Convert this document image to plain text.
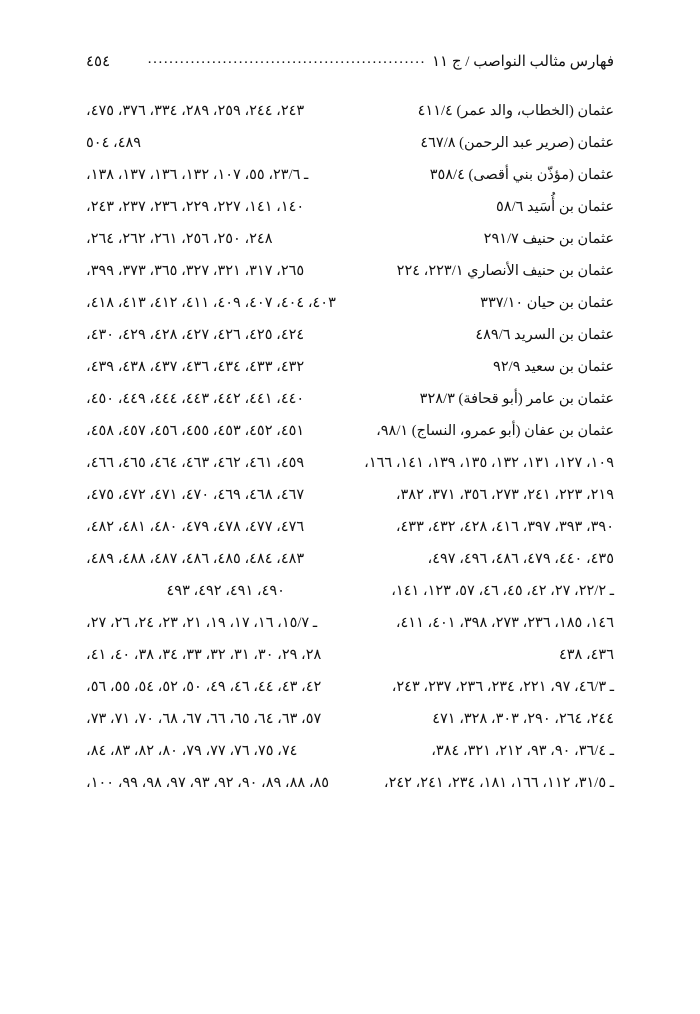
فهارس مثالب النواصب / ج ١١
....................................................
٤٥٤
عثمان (الخطاب، والد عمر) ٤١١/٤	٢٤٣، ٢٤٤، ٢٥٩، ٢٨٩، ٣٣٤، ٣٧٦، ٤٧٥،
عثمان (صرير عبد الرحمن) ٤٦٧/٨	٤٨٩، ٥٠٤
عثمان (مؤذّن بني أقصى) ٣٥٨/٤	ـ ٢٣/٦، ٥٥، ١٠٧، ١٣٢، ١٣٦، ١٣٧، ١٣٨،
عثمان بن أُسَيد ٥٨/٦	١٤٠، ١٤١، ٢٢٧، ٢٢٩، ٢٣٦، ٢٣٧، ٢٤٣،
عثمان بن حنيف ٢٩١/٧	٢٤٨، ٢٥٠، ٢٥٦، ٢٦١، ٢٦٢، ٢٦٤،
عثمان بن حنيف الأنصاري ٢٢٣/١، ٢٢٤	٢٦٥، ٣١٧، ٣٢١، ٣٢٧، ٣٦٥، ٣٧٣، ٣٩٩،
عثمان بن حيان ٣٣٧/١٠	٤٠٣، ٤٠٤، ٤٠٧، ٤٠٩، ٤١١، ٤١٢، ٤١٣، ٤١٨،
عثمان بن السريد ٤٨٩/٦	٤٢٤، ٤٢٥، ٤٢٦، ٤٢٧، ٤٢٨، ٤٢٩، ٤٣٠،
عثمان بن سعيد ٩٢/٩	٤٣٢، ٤٣٣، ٤٣٤، ٤٣٦، ٤٣٧، ٤٣٨، ٤٣٩،
عثمان بن عامر (أبو قحافة) ٣٢٨/٣	٤٤٠، ٤٤١، ٤٤٢، ٤٤٣، ٤٤٤، ٤٤٩، ٤٥٠،
عثمان بن عفان (أبو عمرو، النساج) ٩٨/١،	٤٥١، ٤٥٢، ٤٥٣، ٤٥٥، ٤٥٦، ٤٥٧، ٤٥٨،
١٠٩، ١٢٧، ١٣١، ١٣٢، ١٣٥، ١٣٩، ١٤١، ١٦٦،	٤٥٩، ٤٦١، ٤٦٢، ٤٦٣، ٤٦٤، ٤٦٥، ٤٦٦،
٢١٩، ٢٢٣، ٢٤١، ٢٧٣، ٣٥٦، ٣٧١، ٣٨٢،	٤٦٧، ٤٦٨، ٤٦٩، ٤٧٠، ٤٧١، ٤٧٢، ٤٧٥،
٣٩٠، ٣٩٣، ٣٩٧، ٤١٦، ٤٢٨، ٤٣٢، ٤٣٣،	٤٧٦، ٤٧٧، ٤٧٨، ٤٧٩، ٤٨٠، ٤٨١، ٤٨٢،
٤٣٥، ٤٤٠، ٤٧٩، ٤٨٦، ٤٩٦، ٤٩٧،	٤٨٣، ٤٨٤، ٤٨٥، ٤٨٦، ٤٨٧، ٤٨٨، ٤٨٩،
ـ ٢٢/٢، ٢٧، ٤٢، ٤٥، ٤٦، ٥٧، ١٢٣، ١٤١،	٤٩٠، ٤٩١، ٤٩٢، ٤٩٣
١٤٦، ١٨٥، ٢٣٦، ٢٧٣، ٣٩٨، ٤٠١، ٤١١،	ـ ١٥/٧، ١٦، ١٧، ١٩، ٢١، ٢٣، ٢٤، ٢٦، ٢٧،
٤٣٦، ٤٣٨	٢٨، ٢٩، ٣٠، ٣١، ٣٢، ٣٣، ٣٤، ٣٨، ٤٠، ٤١،
ـ ٤٦/٣، ٩٧، ٢٢١، ٢٣٤، ٢٣٦، ٢٣٧، ٢٤٣،	٤٢، ٤٣، ٤٤، ٤٦، ٤٩، ٥٠، ٥٢، ٥٤، ٥٥، ٥٦،
٢٤٤، ٢٦٤، ٢٩٠، ٣٠٣، ٣٢٨، ٤٧١	٥٧، ٦٣، ٦٤، ٦٥، ٦٦، ٦٧، ٦٨، ٧٠، ٧١، ٧٣،
ـ ٣٦/٤، ٩٠، ٩٣، ٢١٢، ٣٢١، ٣٨٤،	٧٤، ٧٥، ٧٦، ٧٧، ٧٩، ٨٠، ٨٢، ٨٣، ٨٤،
ـ ٣١/٥، ١١٢، ١٦٦، ١٨١، ٢٣٤، ٢٤١، ٢٤٢،	٨٥، ٨٨، ٨٩، ٩٠، ٩٢، ٩٣، ٩٧، ٩٨، ٩٩، ١٠٠،
